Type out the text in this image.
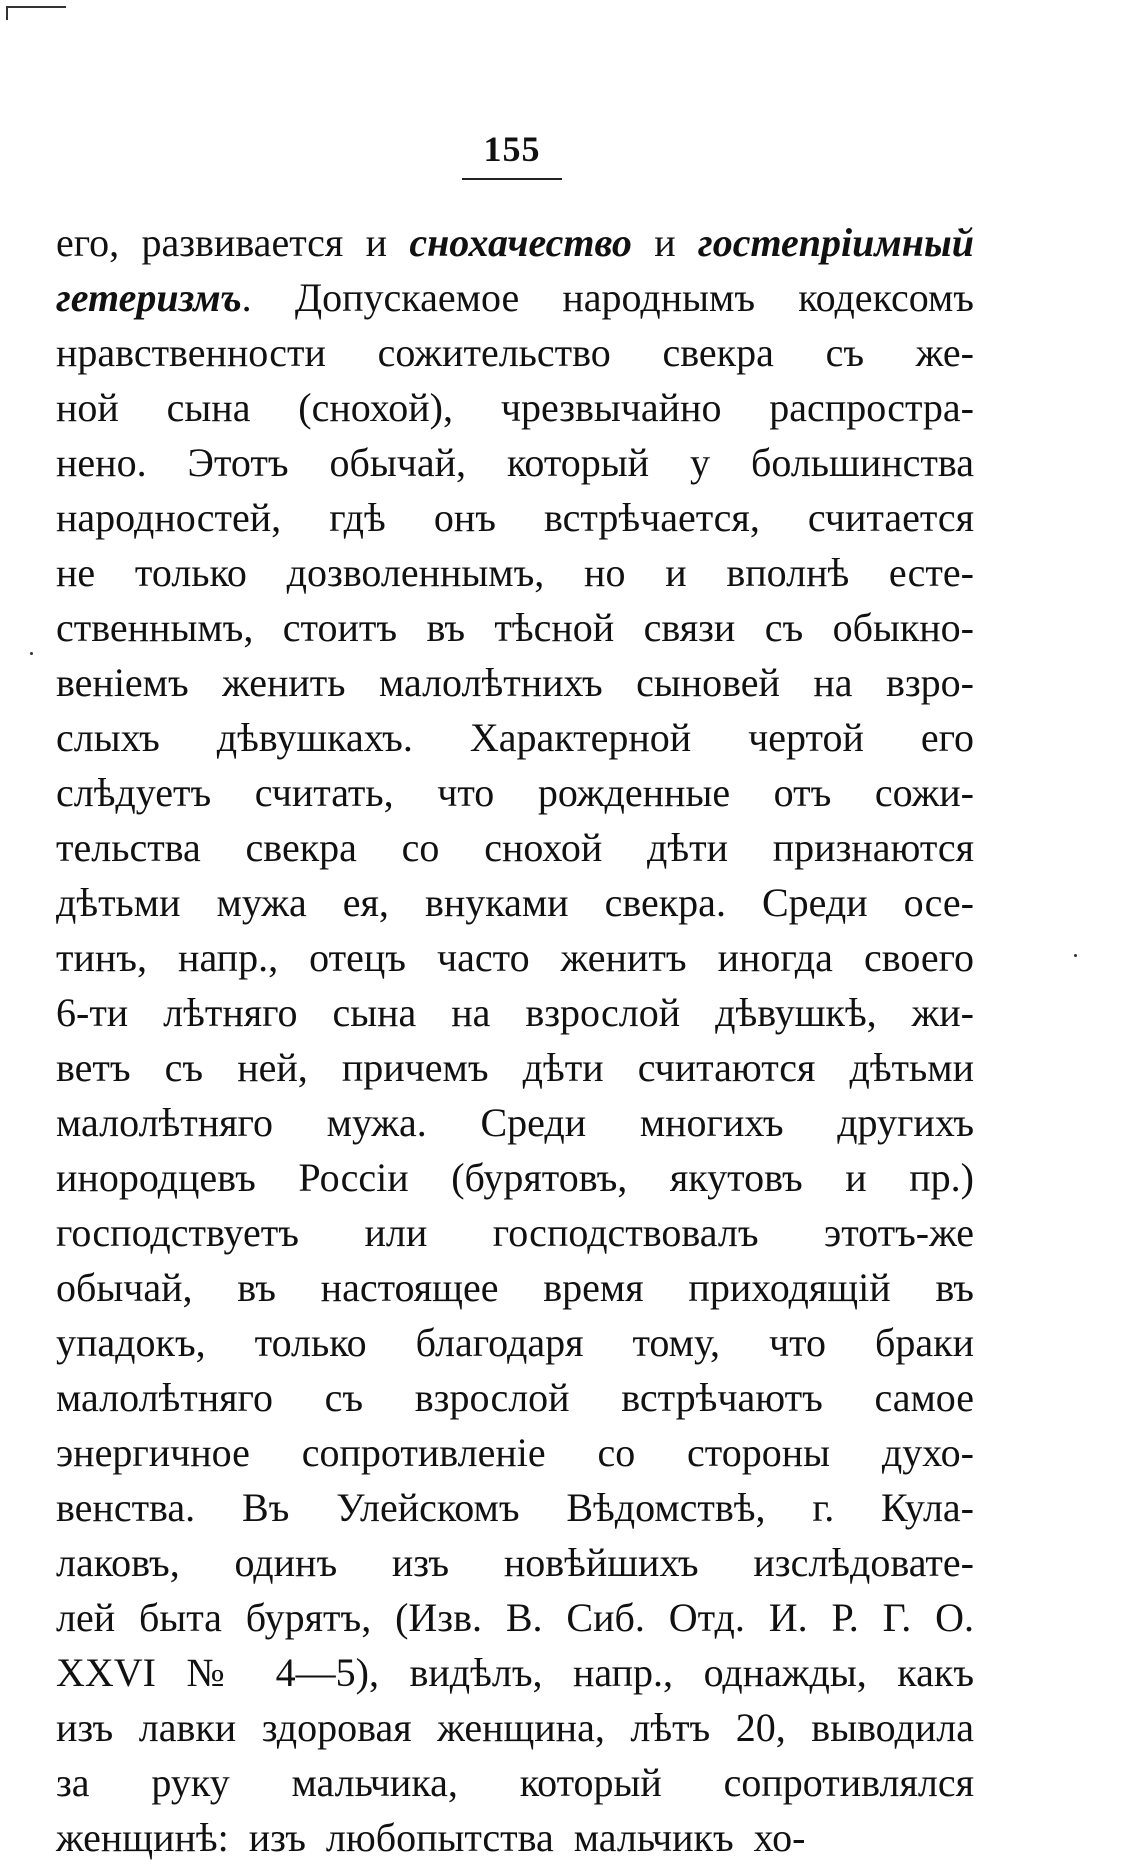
155
его, развивается и снохачество и гостепріимный
гетеризмъ. Допускаемое народнымъ кодексомъ
нравственности сожительство свекра съ же-
ной сына (снохой), чрезвычайно распростра-
нено. Этотъ обычай, который у большинства
народностей, гдѣ онъ встрѣчается, считается
не только дозволеннымъ, но и вполнѣ есте-
ственнымъ, стоитъ въ тѣсной связи съ обыкно-
веніемъ женить малолѣтнихъ сыновей на взро-
слыхъ дѣвушкахъ. Характерной чертой его
слѣдуетъ считать, что рожденные отъ сожи-
тельства свекра со снохой дѣти признаются
дѣтьми мужа ея, внуками свекра. Среди осе-
тинъ, напр., отецъ часто женитъ иногда своего
6-ти лѣтняго сына на взрослой дѣвушкѣ, жи-
ветъ съ ней, причемъ дѣти считаются дѣтьми
малолѣтняго мужа. Среди многихъ другихъ
инородцевъ Россіи (бурятовъ, якутовъ и пр.)
господствуетъ или господствовалъ этотъ-же
обычай, въ настоящее время приходящій въ
упадокъ, только благодаря тому, что браки
малолѣтняго съ взрослой встрѣчаютъ самое
энергичное сопротивленіе со стороны духо-
венства. Въ Улейскомъ Вѣдомствѣ, г. Кула-
лаковъ, одинъ изъ новѣйшихъ изслѣдовате-
лей быта бурятъ, (Изв. В. Сиб. Отд. И. Р. Г. О.
XXVI № 4—5), видѣлъ, напр., однажды, какъ
изъ лавки здоровая женщина, лѣтъ 20, выводила
за руку мальчика, который сопротивлялся
женщинѣ: изъ любопытства мальчикъ хо-
